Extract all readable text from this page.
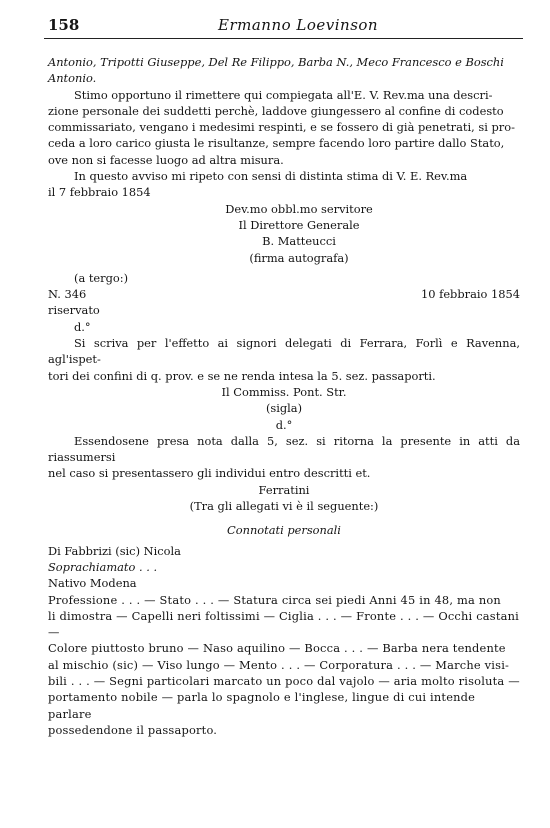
158	Ermanno Loevinson

Antonio, Tripotti Giuseppe, Del Re Filippo, Barba N., Meco Francesco e Boschi

Antonio.

Stimo opportuno il rimettere qui compiegata all'E. V. Rev.ma una descri-

zione personale dei suddetti perchè, laddove giungessero al confine di codesto

commissariato, vengano i medesimi respinti, e se fossero di già penetrati, si pro-

ceda a loro carico giusta le risultanze, sempre facendo loro partire dallo Stato,

ove non si facesse luogo ad altra misura.

In questo avviso mi ripeto con sensi di distinta stima di V. E. Rev.ma

il 7 febbraio 1854

Dev.mo obbl.mo servitore
Il Direttore Generale
B. Matteucci
(firma autografa)

(a tergo:)

N. 346	10 febbraio 1854

riservato

d.°

Si scriva per l'effetto ai signori delegati di Ferrara, Forlì e Ravenna, agl'ispet-

tori dei confini di q. prov. e se ne renda intesa la 5. sez. passaporti.

Il Commiss. Pont. Str.

(sigla)

d.°

Essendosene presa nota dalla 5, sez. si ritorna la presente in atti da riassumersi

nel caso si presentassero gli individui entro descritti et.

Ferratini

(Tra gli allegati vi è il seguente:)

Connotati personali

Di Fabbrizi (sic) Nicola

Soprachiamato . . .

Nativo Modena

Professione . . . — Stato . . . — Statura circa sei piedi Anni 45 in 48, ma non

li dimostra — Capelli neri foltissimi — Ciglia . . . — Fronte . . . — Occhi castani —

Colore piuttosto bruno — Naso aquilino — Bocca . . . — Barba nera tendente

al mischio (sic) — Viso lungo — Mento . . . — Corporatura . . . — Marche visi-

bili . . . — Segni particolari marcato un poco dal vajolo — aria molto risoluta —

portamento nobile — parla lo spagnolo e l'inglese, lingue di cui intende parlare

possedendone il passaporto.
